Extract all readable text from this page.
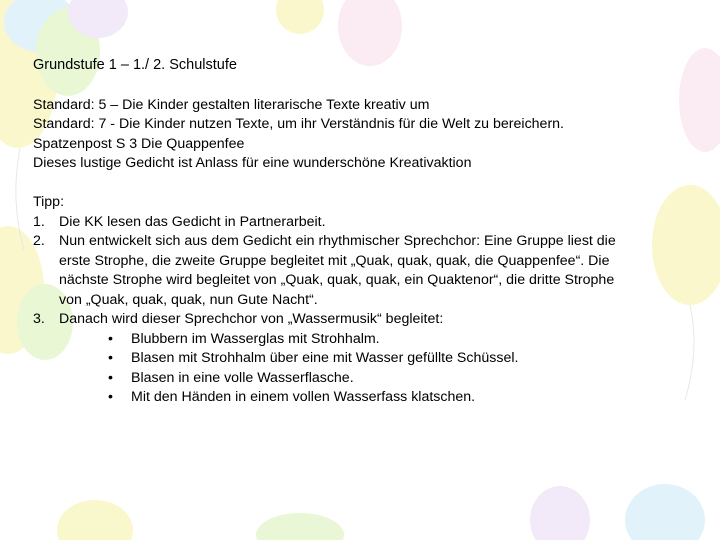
Grundstufe 1 – 1./ 2. Schulstufe

Standard: 5 – Die Kinder gestalten literarische Texte kreativ um
Standard: 7 - Die Kinder nutzen Texte, um ihr Verständnis für die Welt zu bereichern.
Spatzenpost S 3 Die Quappenfee
Dieses lustige Gedicht ist Anlass für eine wunderschöne Kreativaktion
Tipp:
1. Die KK lesen das Gedicht in Partnerarbeit.
2. Nun entwickelt sich aus dem Gedicht ein rhythmischer Sprechchor: Eine Gruppe liest die
erste Strophe, die zweite Gruppe begleitet mit „Quak, quak, quak, die Quappenfee“. Die
nächste Strophe wird begleitet von „Quak, quak, quak, ein Quaktenor“, die dritte Strophe
von „Quak, quak, quak, nun Gute Nacht“.
3. Danach wird dieser Sprechchor von „Wassermusik“ begleitet:
• Blubbern im Wasserglas mit Strohhalm.
• Blasen mit Strohhalm über eine mit Wasser gefüllte Schüssel.
• Blasen in eine volle Wasserflasche.
• Mit den Händen in einem vollen Wasserfass klatschen.
